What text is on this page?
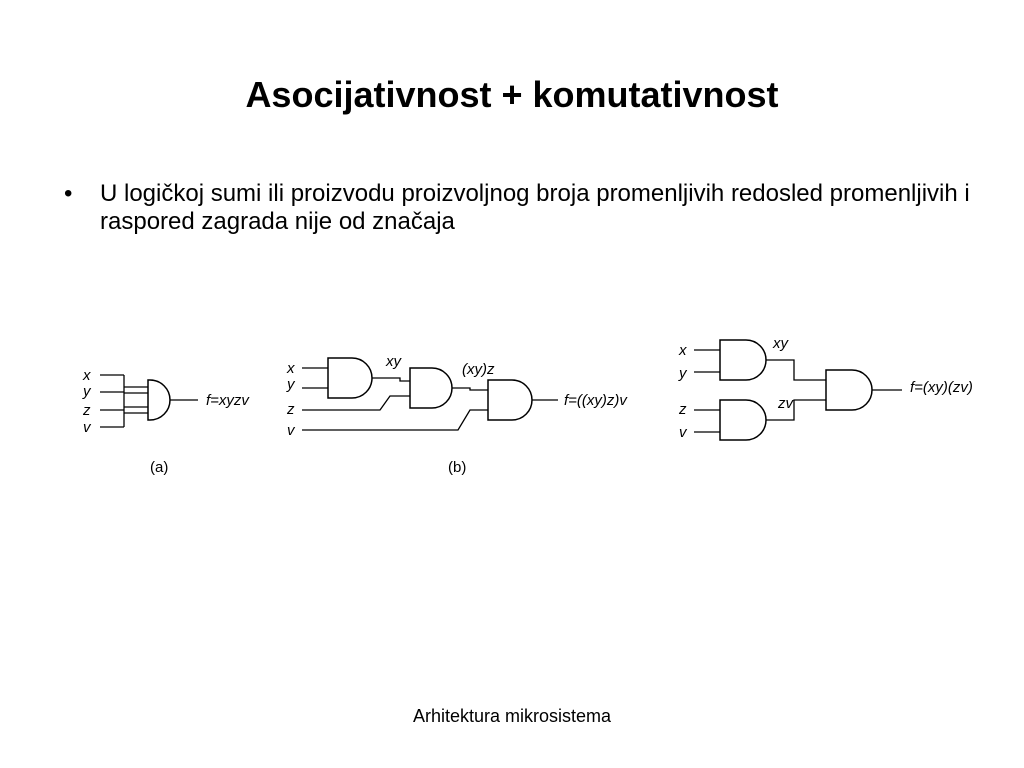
Asocijativnost + komutativnost
• U logičkoj sumi ili proizvodu proizvoljnog broja promenljivih redosled promenljivih i raspored zagrada nije od značaja
x
y
z
v
f=xyzv
(a)
x
y
z
v
xy	(xy)z
f=((xy)z)v
(b)
x
y
z
v
xy
zv
f=(xy)(zv)
Arhitektura mikrosistema
